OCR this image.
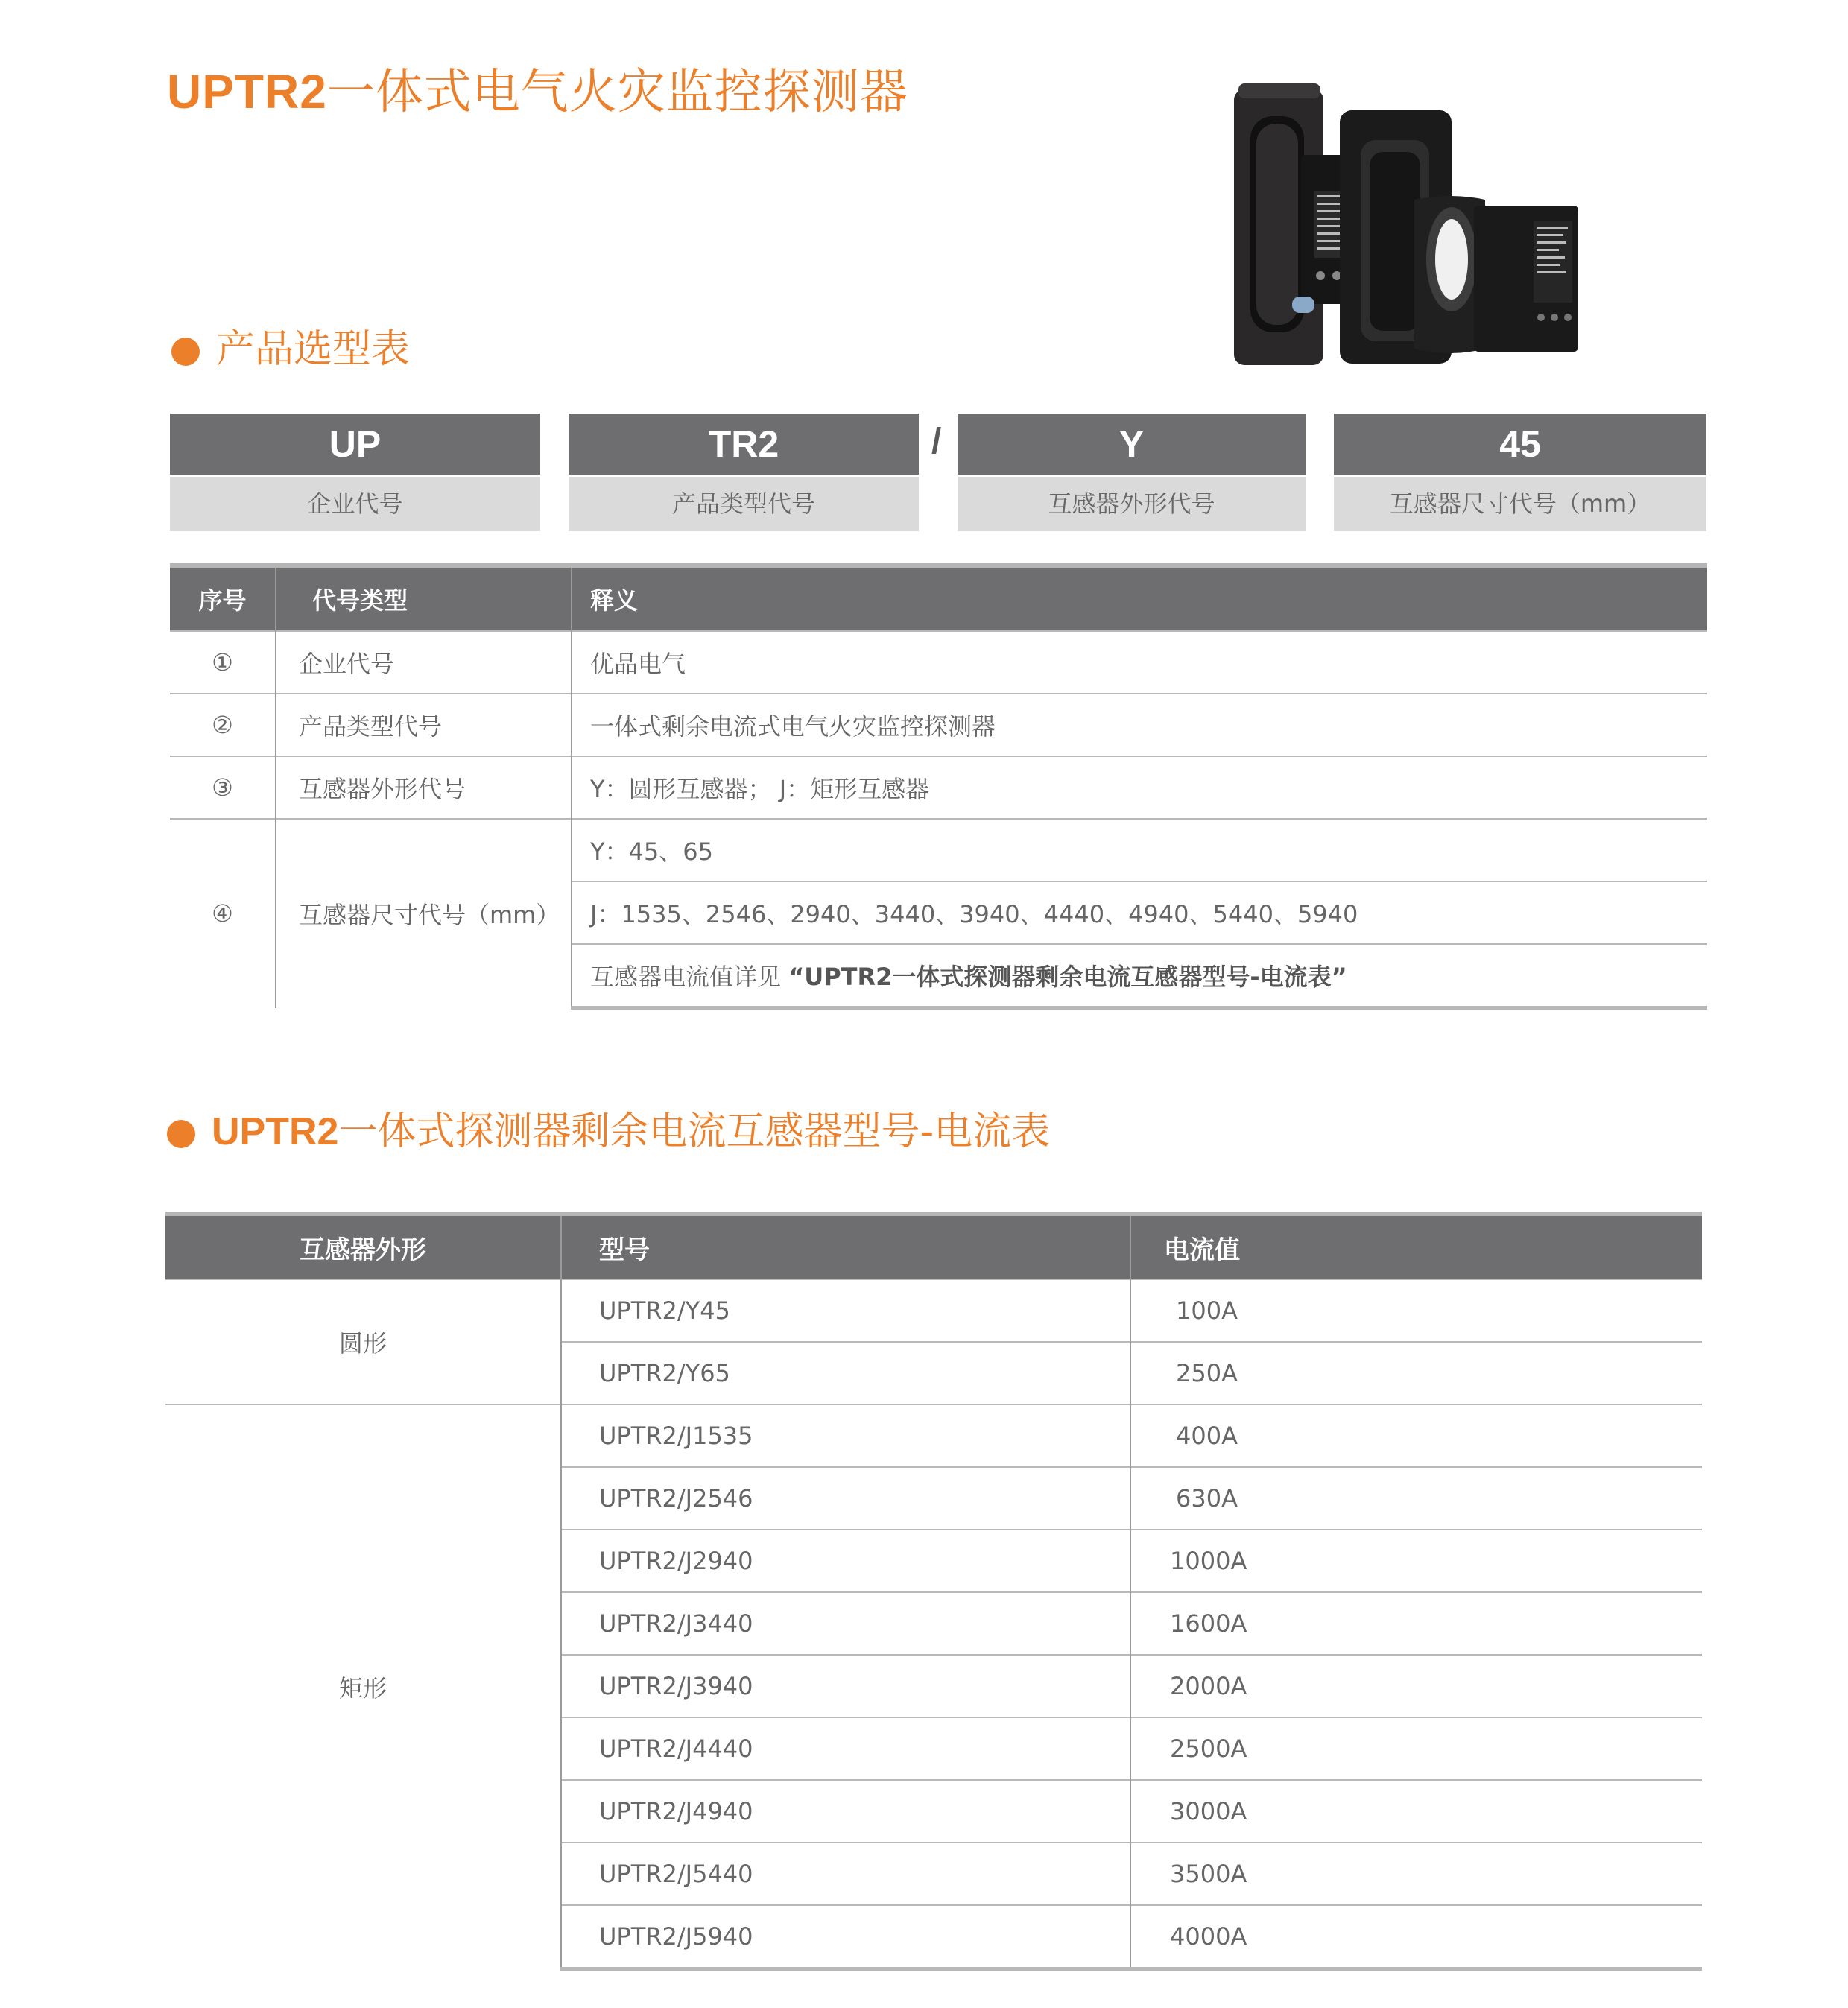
UPTR2一体式电气火灾监控探测器
产品选型表
UP
企业代号
TR2
产品类型代号
/	Y
互感器外形代号
45
互感器尺寸代号（mm）
序号	代号类型	释义
①	企业代号	优品电气
②	产品类型代号	一体式剩余电流式电气火灾监控探测器
③	互感器外形代号	Y：圆形互感器； J：矩形互感器
④	互感器尺寸代号（mm）	Y：45、65
		J：1535、2546、2940、3440、3940、4440、4940、5440、5940
		互感器电流值详见 “UPTR2一体式探测器剩余电流互感器型号-电流表”
UPTR2一体式探测器剩余电流互感器型号-电流表
互感器外形	型号	电流值
圆形	UPTR2/Y45	100A
	UPTR2/Y65	250A
矩形	UPTR2/J1535	400A
	UPTR2/J2546	630A
	UPTR2/J2940	1000A
	UPTR2/J3440	1600A
	UPTR2/J3940	2000A
	UPTR2/J4440	2500A
	UPTR2/J4940	3000A
	UPTR2/J5440	3500A
	UPTR2/J5940	4000A
